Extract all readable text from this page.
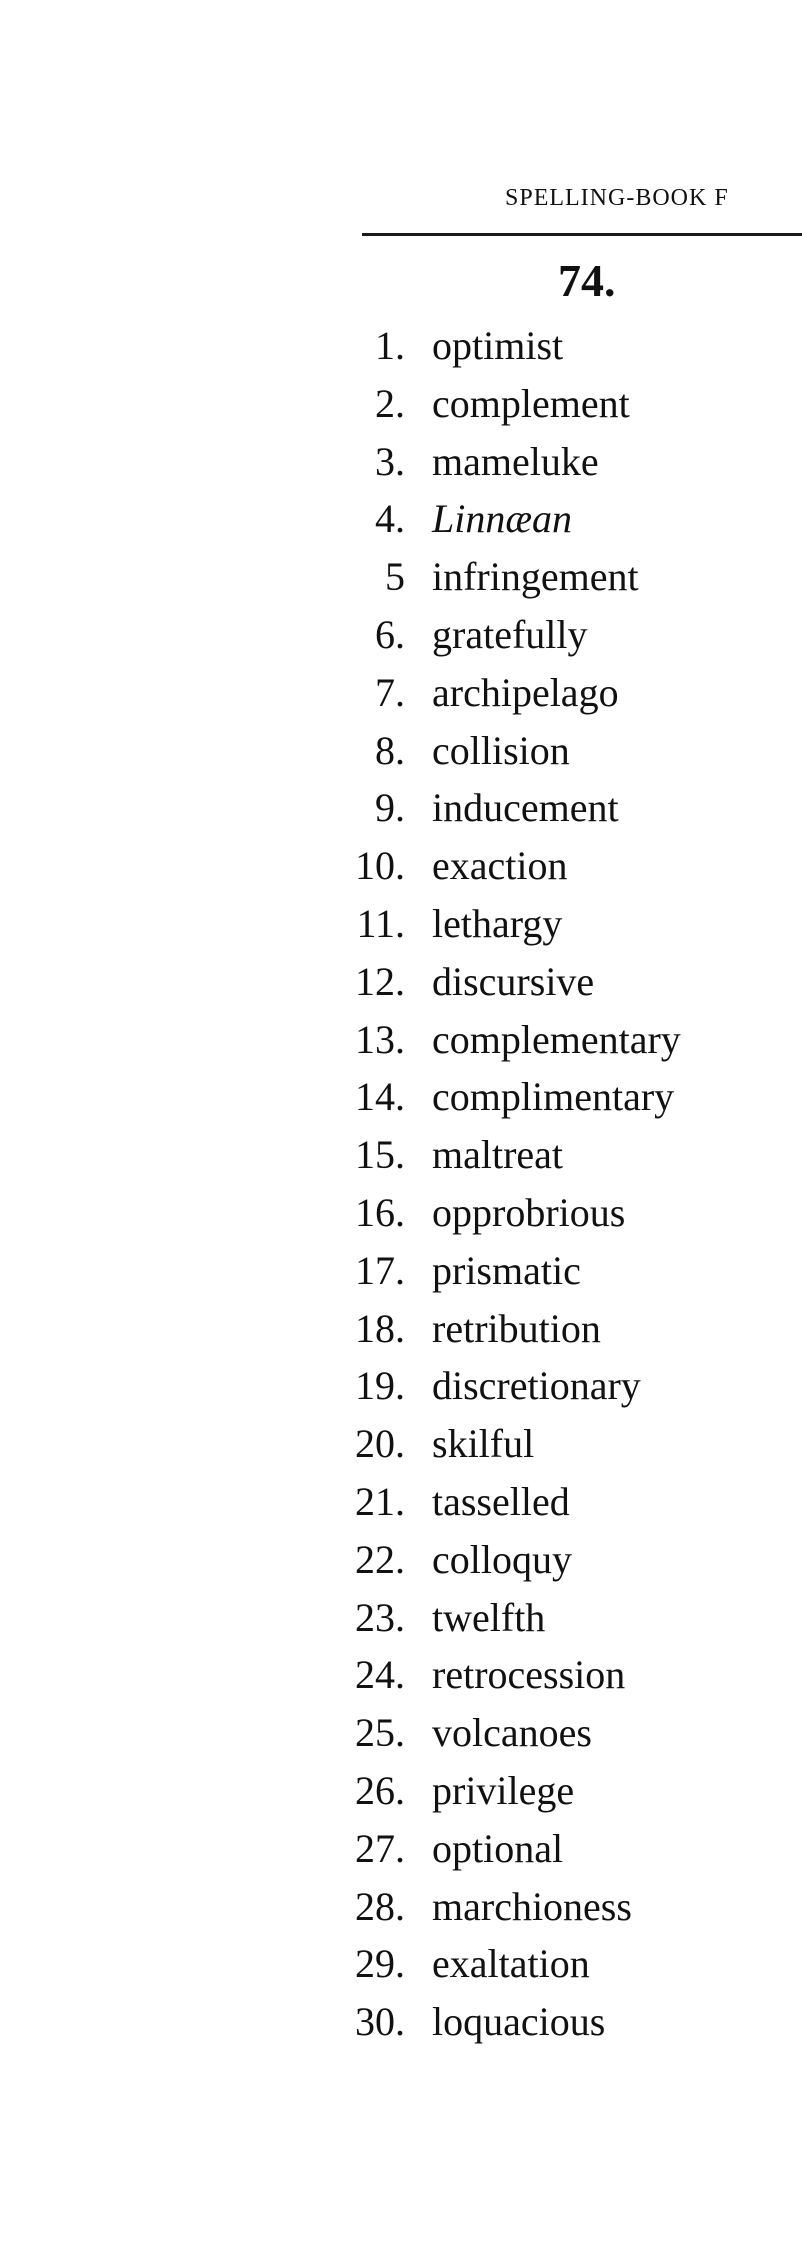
SPELLING-BOOK F
74.
1. optimist
2. complement
3. mameluke
4. Linnæan
5 infringement
6. gratefully
7. archipelago
8. collision
9. inducement
10. exaction
11. lethargy
12. discursive
13. complementary
14. complimentary
15. maltreat
16. opprobrious
17. prismatic
18. retribution
19. discretionary
20. skilful
21. tasselled
22. colloquy
23. twelfth
24. retrocession
25. volcanoes
26. privilege
27. optional
28. marchioness
29. exaltation
30. loquacious
